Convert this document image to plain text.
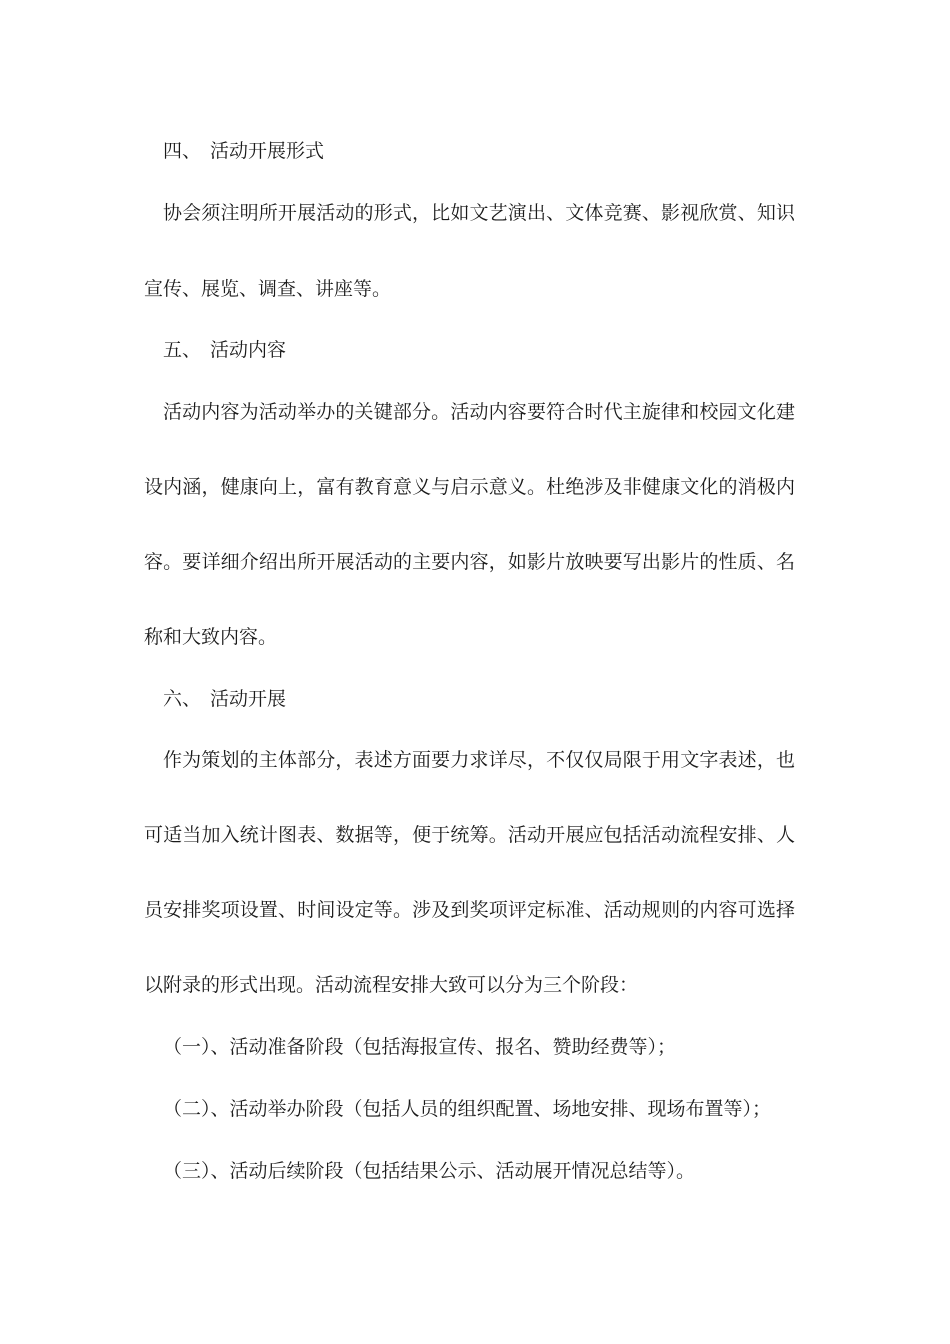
四、 活动开展形式
协会须注明所开展活动的形式，比如文艺演出、文体竞赛、影视欣赏、知识
宣传、展览、调查、讲座等。
五、 活动内容
活动内容为活动举办的关键部分。活动内容要符合时代主旋律和校园文化建
设内涵，健康向上，富有教育意义与启示意义。杜绝涉及非健康文化的消极内
容。要详细介绍出所开展活动的主要内容，如影片放映要写出影片的性质、名
称和大致内容。
六、 活动开展
作为策划的主体部分，表述方面要力求详尽，不仅仅局限于用文字表述，也
可适当加入统计图表、数据等，便于统筹。活动开展应包括活动流程安排、人
员安排奖项设置、时间设定等。涉及到奖项评定标准、活动规则的内容可选择
以附录的形式出现。活动流程安排大致可以分为三个阶段：
（一）、活动准备阶段（包括海报宣传、报名、赞助经费等）；
（二）、活动举办阶段（包括人员的组织配置、场地安排、现场布置等）；
（三）、活动后续阶段（包括结果公示、活动展开情况总结等）。
